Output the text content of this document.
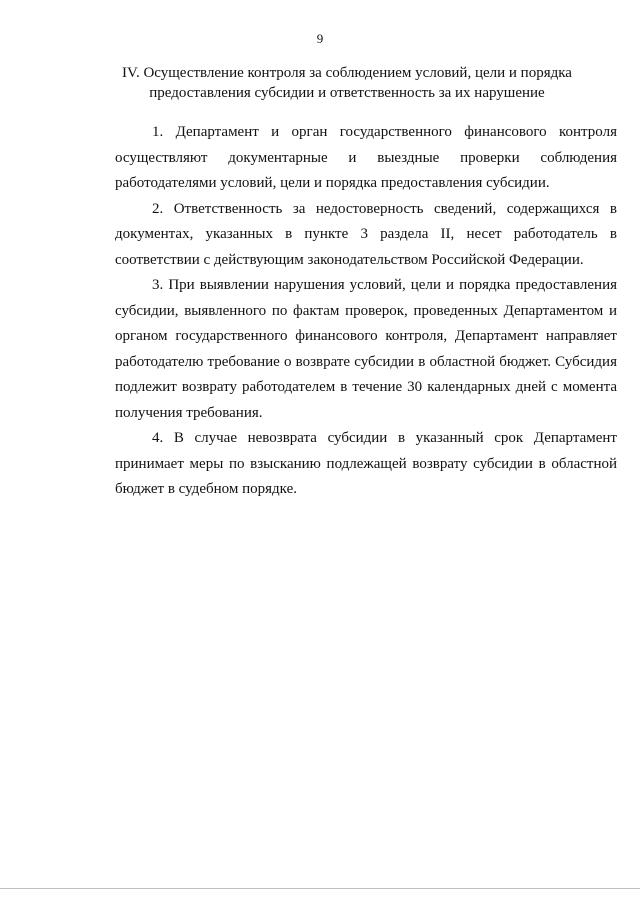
9
IV. Осуществление контроля за соблюдением условий, цели и порядка предоставления субсидии и ответственность за их нарушение

1. Департамент и орган государственного финансового контроля осуществляют документарные и выездные проверки соблюдения работодателями условий, цели и порядка предоставления субсидии.

2. Ответственность за недостоверность сведений, содержащихся в документах, указанных в пункте 3 раздела II, несет работодатель в соответствии с действующим законодательством Российской Федерации.

3. При выявлении нарушения условий, цели и порядка предоставления субсидии, выявленного по фактам проверок, проведенных Департаментом и органом государственного финансового контроля, Департамент направляет работодателю требование о возврате субсидии в областной бюджет. Субсидия подлежит возврату работодателем в течение 30 календарных дней с момента получения требования.

4. В случае невозврата субсидии в указанный срок Департамент принимает меры по взысканию подлежащей возврату субсидии в областной бюджет в судебном порядке.
